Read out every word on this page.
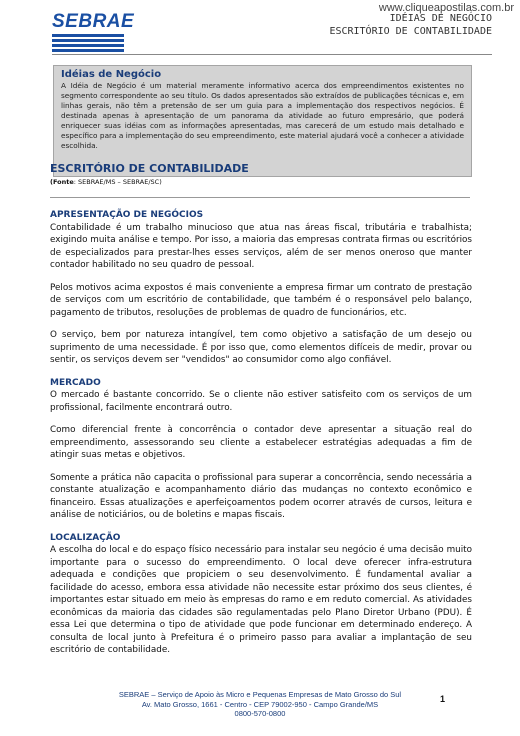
SEBRAE
www.cliqueapostilas.com.br
IDÉIAS DE NEGÓCIO
ESCRITÓRIO DE CONTABILIDADE
Idéias de Negócio
A Idéia de Negócio é um material meramente informativo acerca dos empreendimentos existentes no segmento correspondente ao seu título. Os dados apresentados são extraídos de publicações técnicas e, em linhas gerais, não têm a pretensão de ser um guia para a implementação dos respectivos negócios. É destinada apenas à apresentação de um panorama da atividade ao futuro empresário, que poderá enriquecer suas idéias com as informações apresentadas, mas carecerá de um estudo mais detalhado e específico para a implementação do seu empreendimento, este material ajudará você a conhecer a atividade escolhida.
ESCRITÓRIO DE CONTABILIDADE
(Fonte: SEBRAE/MS – SEBRAE/SC)
APRESENTAÇÃO DE NEGÓCIOS

Contabilidade é um trabalho minucioso que atua nas áreas fiscal, tributária e trabalhista; exigindo muita análise e tempo. Por isso, a maioria das empresas contrata firmas ou escritórios de especializados para prestar-lhes esses serviços, além de ser menos oneroso que manter contador habilitado no seu quadro de pessoal.

Pelos motivos acima expostos é mais conveniente a empresa firmar um contrato de prestação de serviços com um escritório de contabilidade, que também é o responsável pelo balanço, pagamento de tributos, resoluções de problemas de quadro de funcionários, etc.

O serviço, bem por natureza intangível, tem como objetivo a satisfação de um desejo ou suprimento de uma necessidade. É por isso que, como elementos difíceis de medir, provar ou sentir, os serviços devem ser "vendidos" ao consumidor como algo confiável.

MERCADO

O mercado é bastante concorrido. Se o cliente não estiver satisfeito com os serviços de um profissional, facilmente encontrará outro.

Como diferencial frente à concorrência o contador deve apresentar a situação real do empreendimento, assessorando seu cliente a estabelecer estratégias adequadas a fim de atingir suas metas e objetivos.

Somente a prática não capacita o profissional para superar a concorrência, sendo necessária a constante atualização e acompanhamento diário das mudanças no contexto econômico e financeiro. Essas atualizações e aperfeiçoamentos podem ocorrer através de cursos, leitura e análise de noticiários, ou de boletins e mapas fiscais.

LOCALIZAÇÃO

A escolha do local e do espaço físico necessário para instalar seu negócio é uma decisão muito importante para o sucesso do empreendimento. O local deve oferecer infra-estrutura adequada e condições que propiciem o seu desenvolvimento. É fundamental avaliar a facilidade do acesso, embora essa atividade não necessite estar próximo dos seus clientes, é importantes estar situado em meio às empresas do ramo e em reduto comercial. As atividades econômicas da maioria das cidades são regulamentadas pelo Plano Diretor Urbano (PDU). É essa Lei que determina o tipo de atividade que pode funcionar em determinado endereço. A consulta de local junto à Prefeitura é o primeiro passo para avaliar a implantação de seu escritório de contabilidade.

SEBRAE – Serviço de Apoio às Micro e Pequenas Empresas de Mato Grosso do Sul
Av. Mato Grosso, 1661 - Centro - CEP 79002-950 - Campo Grande/MS
0800-570-0800
1
